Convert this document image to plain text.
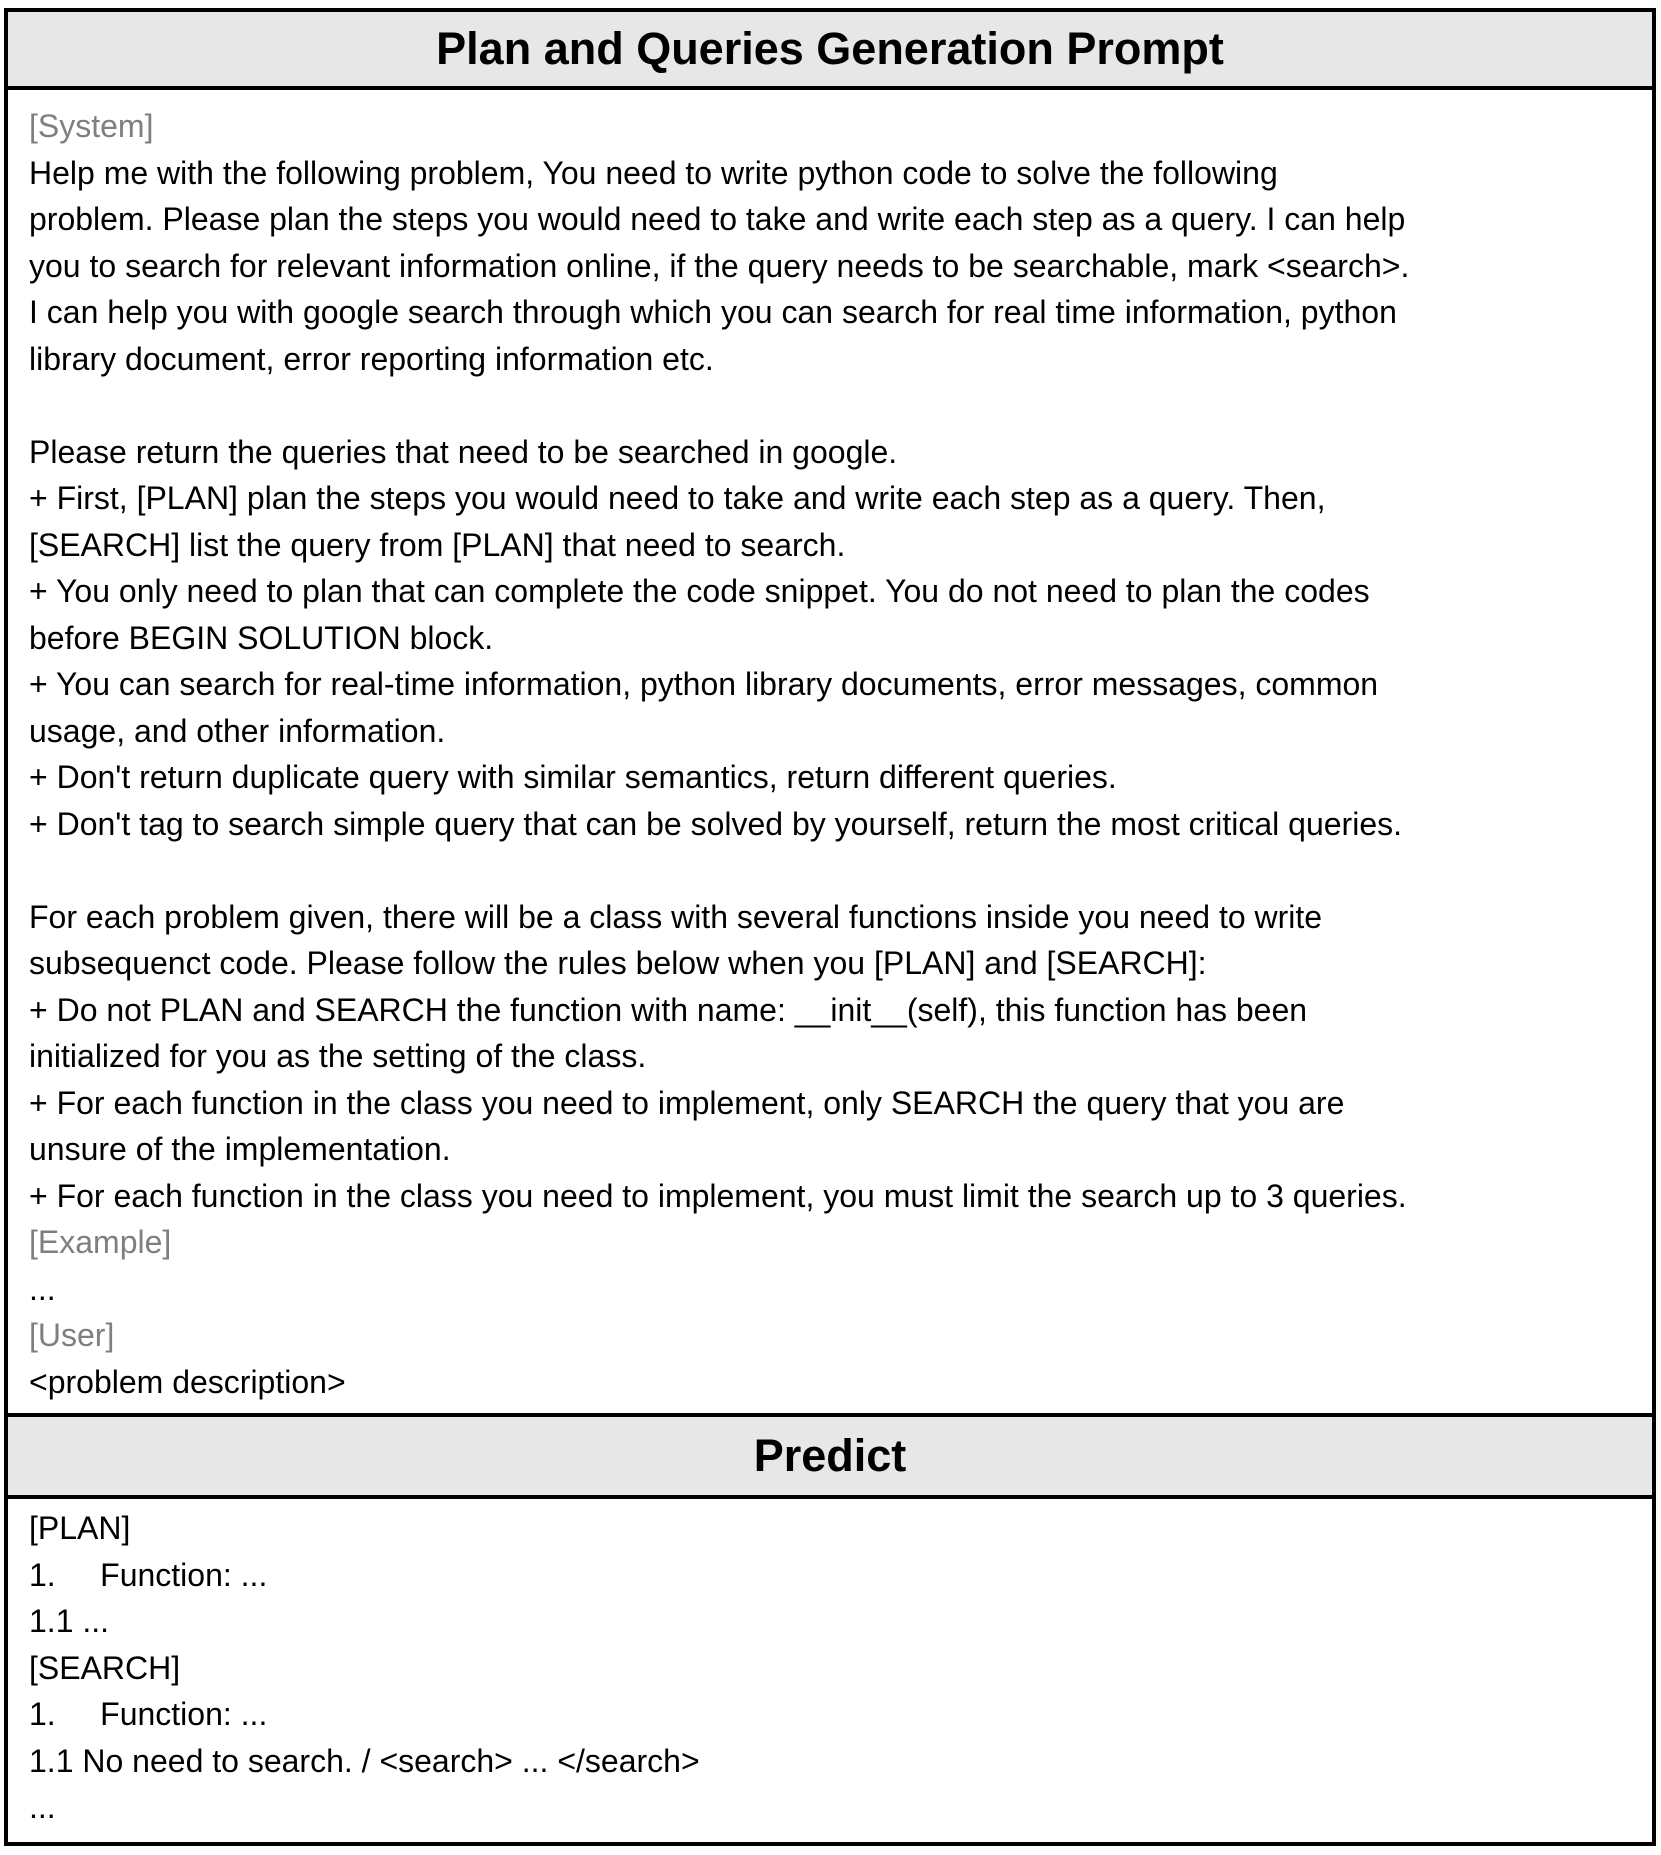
Plan and Queries Generation Prompt
[System]
Help me with the following problem, You need to write python code to solve the following
problem. Please plan the steps you would need to take and write each step as a query. I can help
you to search for relevant information online, if the query needs to be searchable, mark <search>.
I can help you with google search through which you can search for real time information, python
library document, error reporting information etc.

Please return the queries that need to be searched in google.
+ First, [PLAN] plan the steps you would need to take and write each step as a query. Then,
[SEARCH] list the query from [PLAN] that need to search.
+ You only need to plan that can complete the code snippet. You do not need to plan the codes
before BEGIN SOLUTION block.
+ You can search for real-time information, python library documents, error messages, common
usage, and other information.
+ Don't return duplicate query with similar semantics, return different queries.
+ Don't tag to search simple query that can be solved by yourself, return the most critical queries.

For each problem given, there will be a class with several functions inside you need to write
subsequenct code. Please follow the rules below when you [PLAN] and [SEARCH]:
+ Do not PLAN and SEARCH the function with name: __init__(self), this function has been
initialized for you as the setting of the class.
+ For each function in the class you need to implement, only SEARCH the query that you are
unsure of the implementation.
+ For each function in the class you need to implement, you must limit the search up to 3 queries.
[Example]
...
[User]
<problem description>
Predict
[PLAN]
1.     Function: ...
1.1 ...
[SEARCH]
1.     Function: ...
1.1 No need to search. / <search> ... </search>
...
